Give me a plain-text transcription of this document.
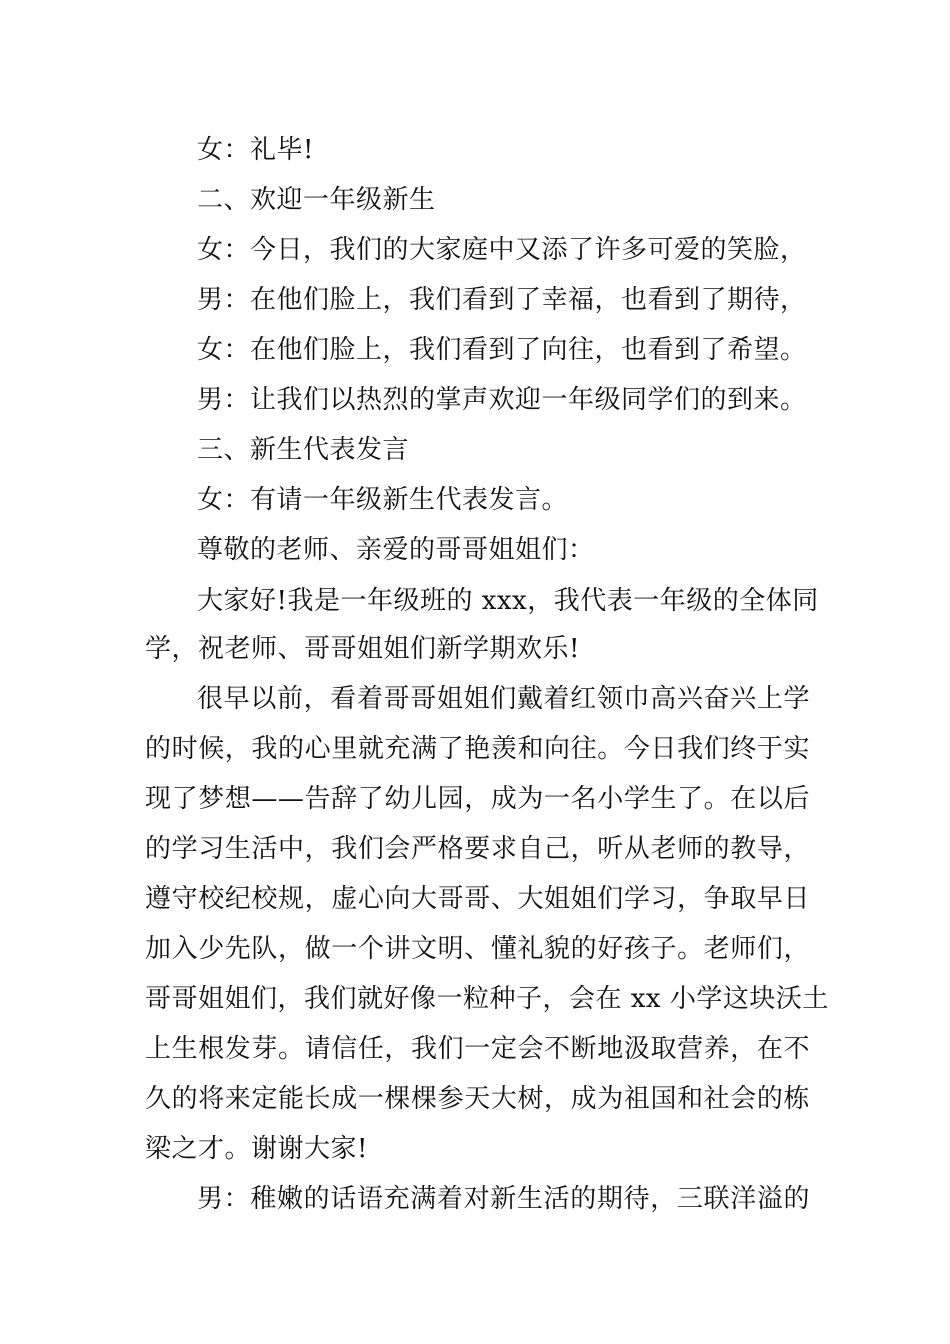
女：礼毕!
二、欢迎一年级新生
女：今日，我们的大家庭中又添了许多可爱的笑脸，
男：在他们脸上，我们看到了幸福，也看到了期待，
女：在他们脸上，我们看到了向往，也看到了希望。
男：让我们以热烈的掌声欢迎一年级同学们的到来。
三、新生代表发言
女：有请一年级新生代表发言。
尊敬的老师、亲爱的哥哥姐姐们：
大家好!我是一年级班的 xxx，我代表一年级的全体同
学，祝老师、哥哥姐姐们新学期欢乐!
很早以前，看着哥哥姐姐们戴着红领巾高兴奋兴上学
的时候，我的心里就充满了艳羡和向往。今日我们终于实
现了梦想——告辞了幼儿园，成为一名小学生了。在以后
的学习生活中，我们会严格要求自己，听从老师的教导，
遵守校纪校规，虚心向大哥哥、大姐姐们学习，争取早日
加入少先队，做一个讲文明、懂礼貌的好孩子。老师们，
哥哥姐姐们，我们就好像一粒种子，会在 xx 小学这块沃土
上生根发芽。请信任，我们一定会不断地汲取营养，在不
久的将来定能长成一棵棵参天大树，成为祖国和社会的栋
梁之才。谢谢大家!
男：稚嫩的话语充满着对新生活的期待，三联洋溢的
